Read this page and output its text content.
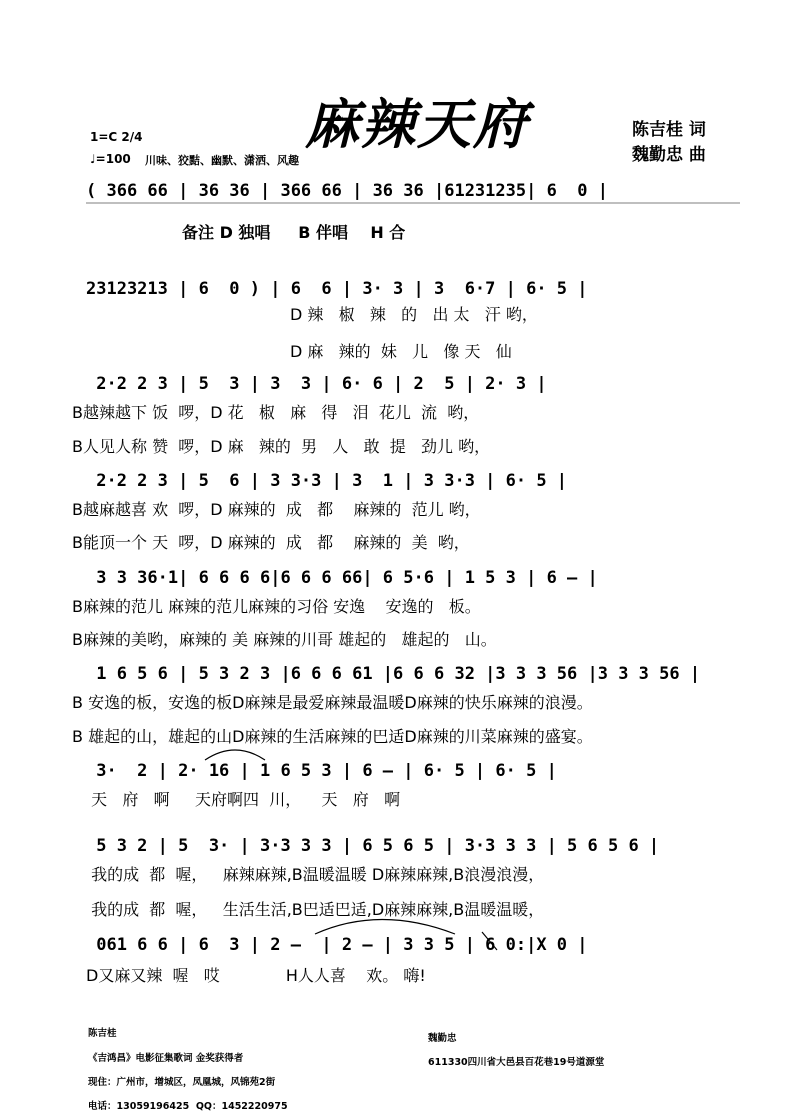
麻辣天府	陈吉桂 词
魏勤忠 曲
1=C 2/4
♩=100 川味、狡黠、幽默、潇洒、风趣
备注 D 独唱     B 伴唱    H 合
( 366 66 | 36 36 | 366 66 | 36 36 |61231235| 6  0 |
23123213 | 6  0 ) | 6  6 | 3· 3 | 3  6·7 | 6· 5 |
D 辣   椒   辣   的   出 太   汗 哟，
D 麻   辣的  妹   儿   像 天   仙
2·2 2 3 | 5  3 | 3  3 | 6· 6 | 2  5 | 2· 3 |
B越辣越下 饭  啰，D 花   椒   麻   得   泪  花儿  流  哟，
B人见人称 赞  啰，D 麻   辣的  男   人   敢  提   劲儿 哟，
2·2 2 3 | 5  6 | 3 3·3 | 3  1 | 3 3·3 | 6· 5 |
B越麻越喜 欢  啰，D 麻辣的  成   都    麻辣的  范儿 哟，
B能顶一个 天  啰，D 麻辣的  成   都    麻辣的  美  哟，
3 3 36·1| 6 6 6 6|6 6 6 66| 6 5·6 | 1 5 3 | 6 – |
B麻辣的范儿 麻辣的范儿麻辣的习俗 安逸    安逸的   板。
B麻辣的美哟，麻辣的 美 麻辣的川哥 雄起的   雄起的   山。
1 6 5 6 | 5 3 2 3 |6 6 6 61 |6 6 6 32 |3 3 3 56 |3 3 3 56 |
B 安逸的板，安逸的板D麻辣是最爱麻辣最温暖D麻辣的快乐麻辣的浪漫。
B 雄起的山，雄起的山D麻辣的生活麻辣的巴适D麻辣的川菜麻辣的盛宴。
3·  2 | 2· 16 | 1 6 5 3 | 6 – | 6· 5 | 6· 5 |
天   府   啊     天府啊四  川，    天   府   啊
5 3 2 | 5  3· | 3·3 3 3 | 6 5 6 5 | 3·3 3 3 | 5 6 5 6 |
我的成  都  喔，   麻辣麻辣,B温暖温暖 D麻辣麻辣,B浪漫浪漫，
我的成  都  喔，   生活生活,B巴适巴适,D麻辣麻辣,B温暖温暖，
061 6 6 | 6  3 | 2 –  | 2 – | 3 3 5 | 6 0:|X 0 |
D又麻又辣  喔   哎             H人人喜    欢。 嗨!
陈吉桂
《吉鸿昌》电影征集歌词 金奖获得者
现住：广州市，增城区，凤凰城，风锦苑2街
电话：13059196425  QQ：1452220975
魏勤忠
611330四川省大邑县百花巷19号道源堂
